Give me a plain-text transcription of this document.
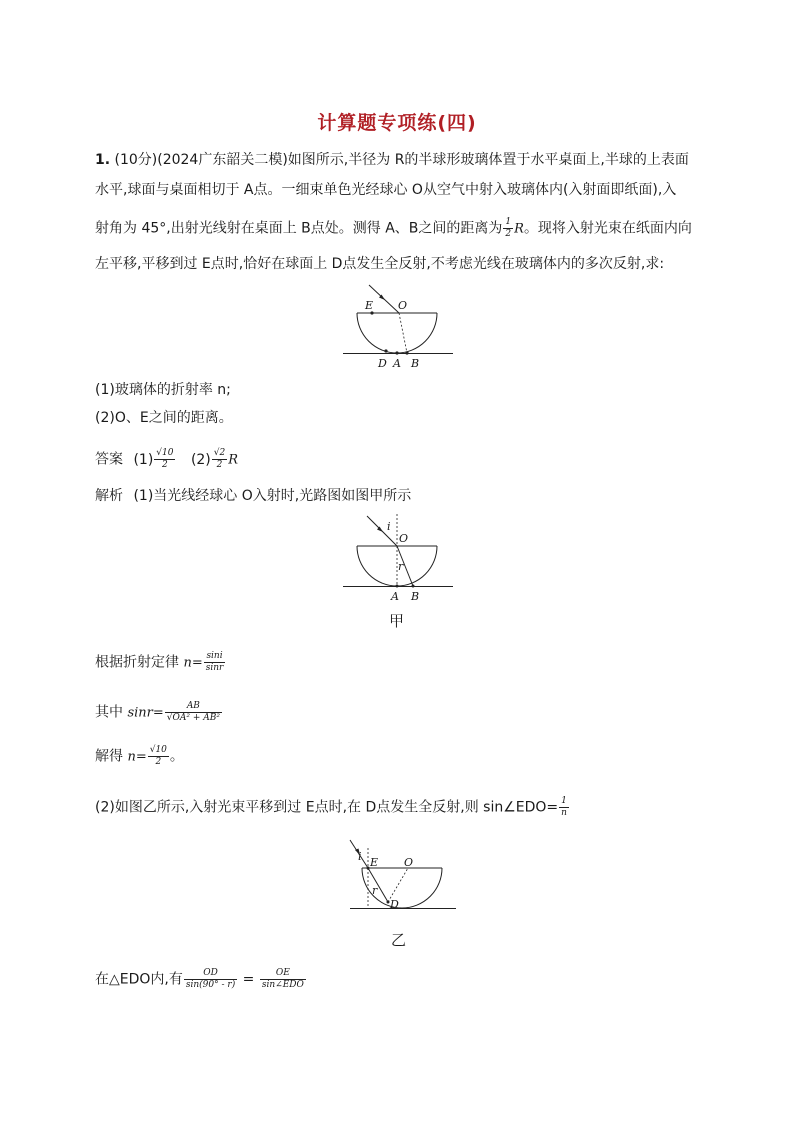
计算题专项练(四)
1. (10分)(2024广东韶关二模)如图所示,半径为 R的半球形玻璃体置于水平桌面上,半球的上表面
水平,球面与桌面相切于 A点。一细束单色光经球心 O从空气中射入玻璃体内(入射面即纸面),入
射角为 45°,出射光线射在桌面上 B点处。测得 A、B之间的距离为 $\frac{1}{2}$ R。现将入射光束在纸面内向
左平移,平移到过 E点时,恰好在球面上 D点发生全反射,不考虑光线在玻璃体内的多次反射,求:
E O
D A B
(1)玻璃体的折射率 n;
(2)O、E之间的距离。
答案 $(1) \frac{√10}{2} (2) \frac{√2}{2}$ R
解析 (1)当光线经球心 O入射时,光路图如图甲所示
i
O
r
A B
甲
根据折射定律 $n= \frac{\sin i}{\sin r}$
其中 $\sin r= \frac{AB}{\text{√OA² + AB²}}$
解得 $n= \frac{√10}{2}$ 。
(2)如图乙所示,入射光束平移到过 E点时,在 D点发生全反射,则 sin∠EDO= $\frac{1}{n}$
i E O
r
D
乙
在△EDO内,有 $\frac{OD}{\sin(90^\circ - r)} = \frac{OE}{\text{sin∠EDO}}$
